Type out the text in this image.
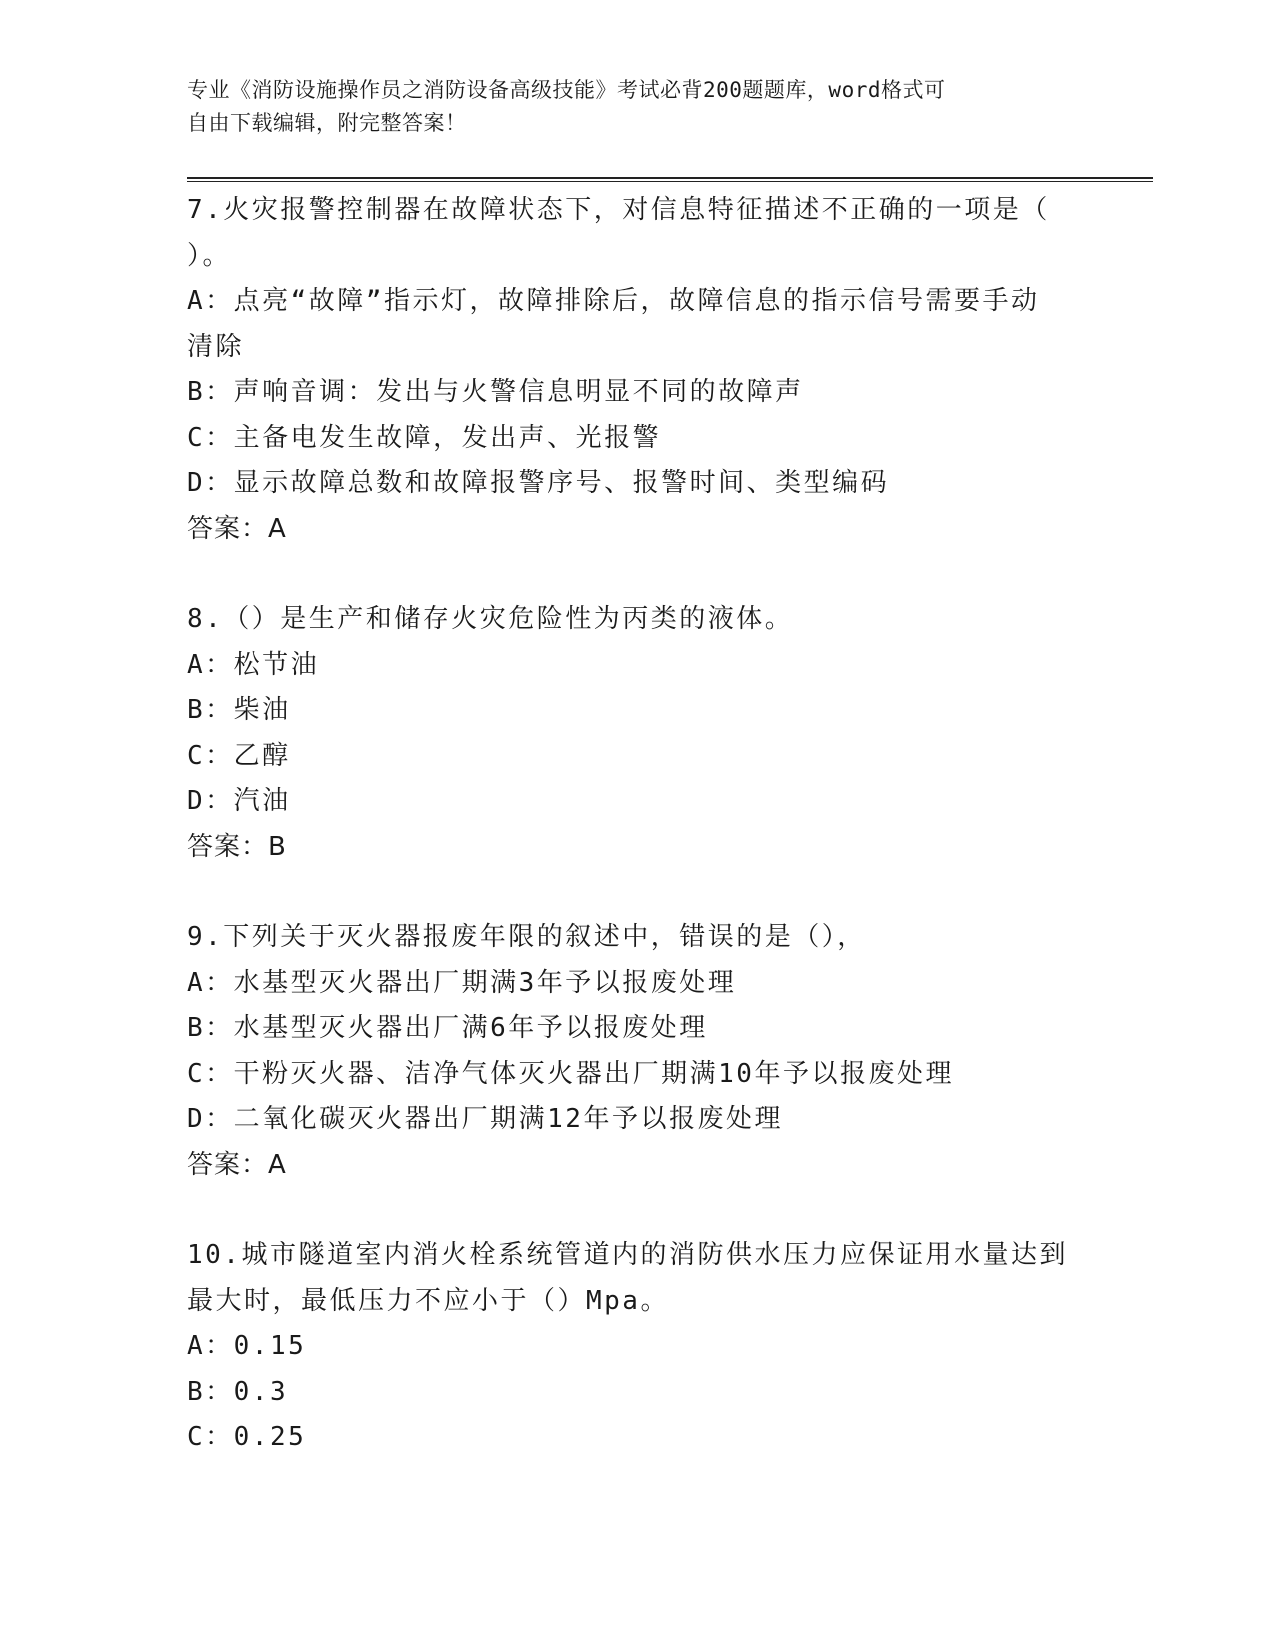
专业《消防设施操作员之消防设备高级技能》考试必背200题题库，word格式可
自由下载编辑，附完整答案！
7.火灾报警控制器在故障状态下，对信息特征描述不正确的一项是（
）。
A：点亮“故障”指示灯，故障排除后，故障信息的指示信号需要手动
清除
B：声响音调：发出与火警信息明显不同的故障声
C：主备电发生故障，发出声、光报警
D：显示故障总数和故障报警序号、报警时间、类型编码
答案：A
8.（）是生产和储存火灾危险性为丙类的液体。
A：松节油
B：柴油
C：乙醇
D：汽油
答案：B
9.下列关于灭火器报废年限的叙述中，错误的是（），
A：水基型灭火器出厂期满3年予以报废处理
B：水基型灭火器出厂满6年予以报废处理
C：干粉灭火器、洁净气体灭火器出厂期满10年予以报废处理
D：二氧化碳灭火器出厂期满12年予以报废处理
答案：A
10.城市隧道室内消火栓系统管道内的消防供水压力应保证用水量达到
最大时，最低压力不应小于（）Mpa。
A：0.15
B：0.3
C：0.25
